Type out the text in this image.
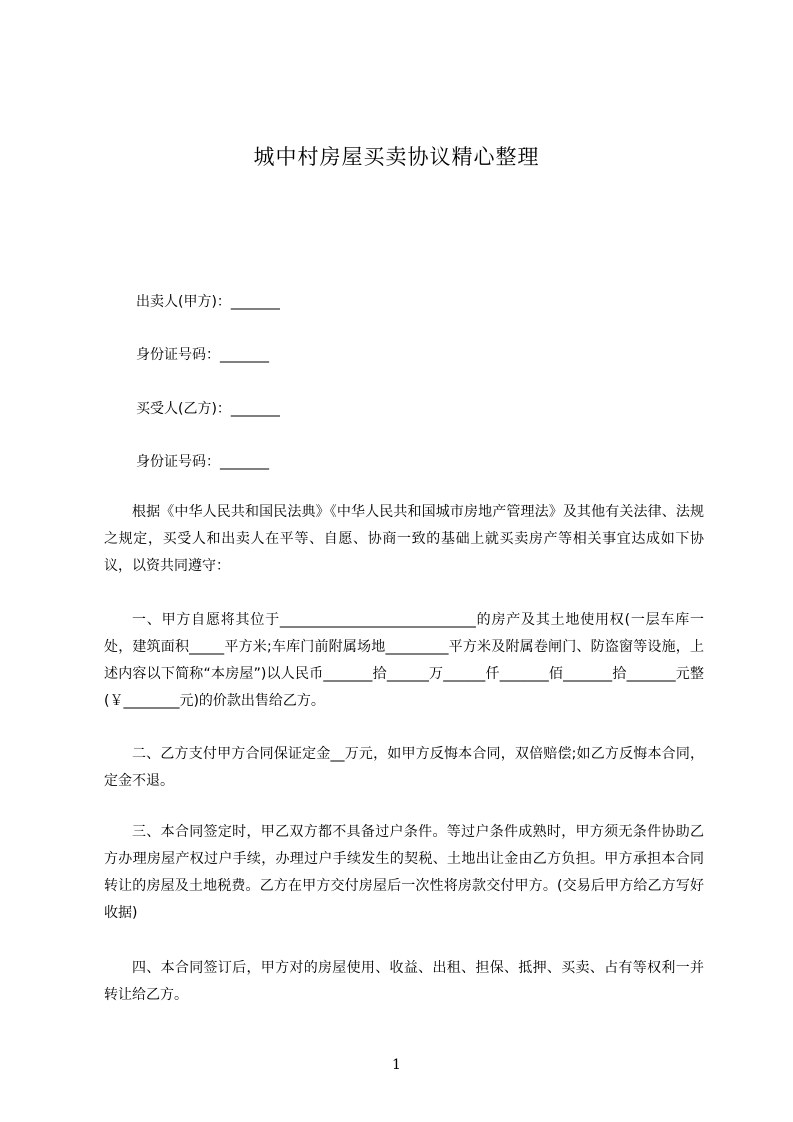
城中村房屋买卖协议精心整理
出卖人(甲方)：_______
身份证号码：_______
买受人(乙方)：_______
身份证号码：_______
根据《中华人民共和国民法典》《中华人民共和国城市房地产管理法》及其他有关法律、法规之规定，买受人和出卖人在平等、自愿、协商一致的基础上就买卖房产等相关事宜达成如下协议，以资共同遵守：
一、甲方自愿将其位于____________________________的房产及其土地使用权(一层车库一处，建筑面积_____平方米;车库门前附属场地_________平方米及附属卷闸门、防盗窗等设施，上述内容以下简称“本房屋”)以人民币_______拾______万______仟_______佰_______拾_______元整(￥________元)的价款出售给乙方。
二、乙方支付甲方合同保证定金__万元，如甲方反悔本合同，双倍赔偿;如乙方反悔本合同，定金不退。
三、本合同签定时，甲乙双方都不具备过户条件。等过户条件成熟时，甲方须无条件协助乙方办理房屋产权过户手续，办理过户手续发生的契税、土地出让金由乙方负担。甲方承担本合同转让的房屋及土地税费。乙方在甲方交付房屋后一次性将房款交付甲方。(交易后甲方给乙方写好收据)
四、本合同签订后，甲方对的房屋使用、收益、出租、担保、抵押、买卖、占有等权利一并转让给乙方。
1
